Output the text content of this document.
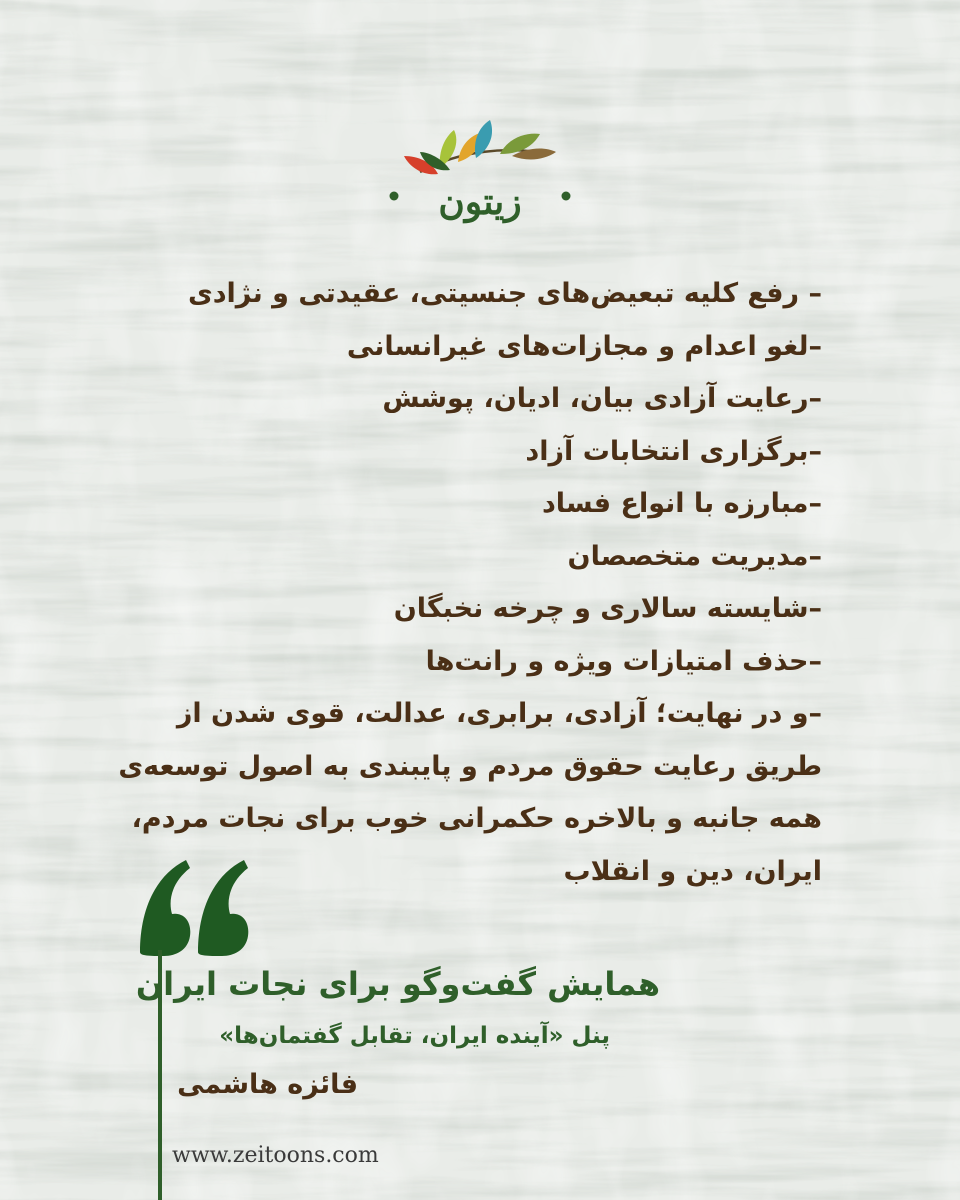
زیتون
– رفع کلیه تبعیض‌های جنسیتی، عقیدتی و نژادی
–لغو اعدام و مجازات‌های غیرانسانی
–رعایت آزادی بیان، ادیان، پوشش
–برگزاری انتخابات آزاد
–مبارزه با انواع فساد
–مدیریت متخصصان
–شایسته سالاری و چرخه نخبگان
–حذف امتیازات ویژه و رانت‌ها
–و در نهایت؛ آزادی، برابری، عدالت، قوی شدن از طریق رعایت حقوق مردم و پایبندی به اصول توسعه‌ی همه جانبه و بالاخره حکمرانی خوب برای نجات مردم، ایران، دین و انقلاب
همایش گفت‌وگو برای نجات ایران
پنل «آینده ایران، تقابل گفتمان‌ها»
فائزه هاشمی
www.zeitoons.com
